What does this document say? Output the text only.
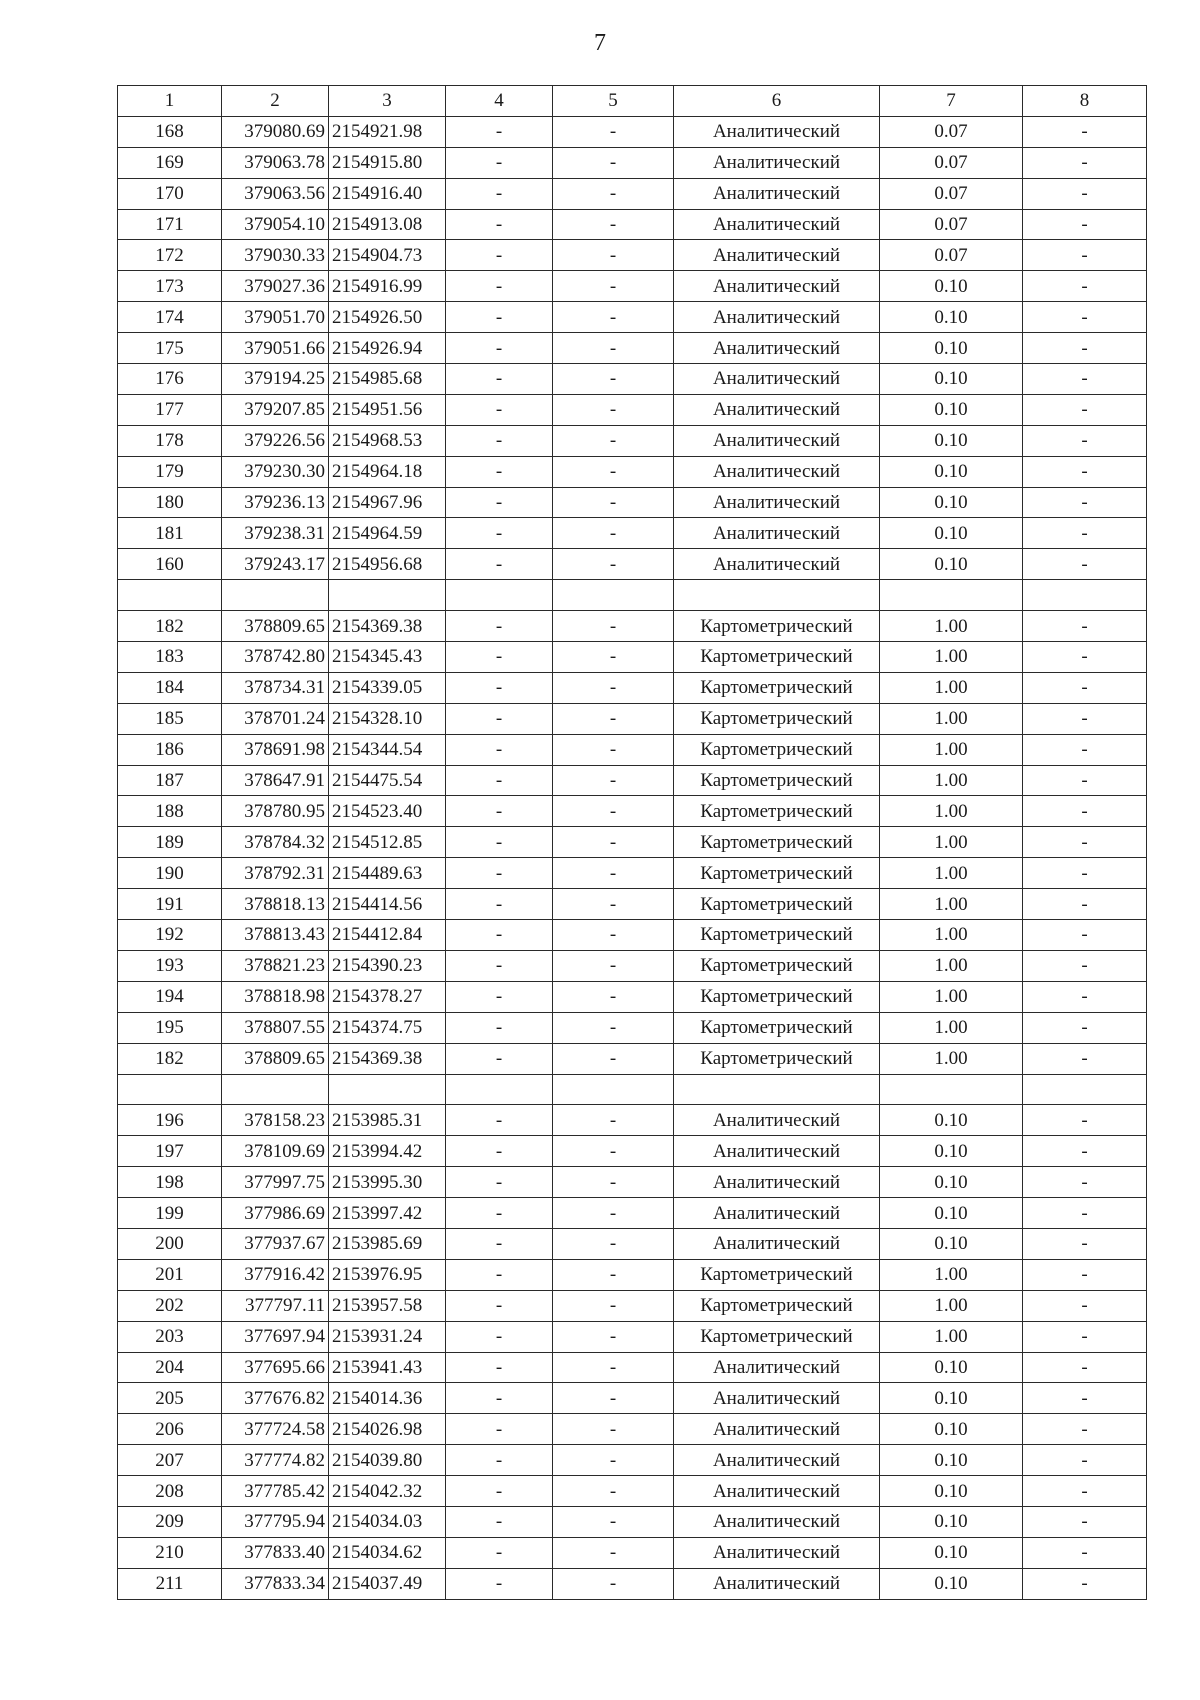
7
1	2	3	4	5	6	7	8
168	379080.69	2154921.98	-	-	Аналитический	0.07	-
169	379063.78	2154915.80	-	-	Аналитический	0.07	-
170	379063.56	2154916.40	-	-	Аналитический	0.07	-
171	379054.10	2154913.08	-	-	Аналитический	0.07	-
172	379030.33	2154904.73	-	-	Аналитический	0.07	-
173	379027.36	2154916.99	-	-	Аналитический	0.10	-
174	379051.70	2154926.50	-	-	Аналитический	0.10	-
175	379051.66	2154926.94	-	-	Аналитический	0.10	-
176	379194.25	2154985.68	-	-	Аналитический	0.10	-
177	379207.85	2154951.56	-	-	Аналитический	0.10	-
178	379226.56	2154968.53	-	-	Аналитический	0.10	-
179	379230.30	2154964.18	-	-	Аналитический	0.10	-
180	379236.13	2154967.96	-	-	Аналитический	0.10	-
181	379238.31	2154964.59	-	-	Аналитический	0.10	-
160	379243.17	2154956.68	-	-	Аналитический	0.10	-

182	378809.65	2154369.38	-	-	Картометрический	1.00	-
183	378742.80	2154345.43	-	-	Картометрический	1.00	-
184	378734.31	2154339.05	-	-	Картометрический	1.00	-
185	378701.24	2154328.10	-	-	Картометрический	1.00	-
186	378691.98	2154344.54	-	-	Картометрический	1.00	-
187	378647.91	2154475.54	-	-	Картометрический	1.00	-
188	378780.95	2154523.40	-	-	Картометрический	1.00	-
189	378784.32	2154512.85	-	-	Картометрический	1.00	-
190	378792.31	2154489.63	-	-	Картометрический	1.00	-
191	378818.13	2154414.56	-	-	Картометрический	1.00	-
192	378813.43	2154412.84	-	-	Картометрический	1.00	-
193	378821.23	2154390.23	-	-	Картометрический	1.00	-
194	378818.98	2154378.27	-	-	Картометрический	1.00	-
195	378807.55	2154374.75	-	-	Картометрический	1.00	-
182	378809.65	2154369.38	-	-	Картометрический	1.00	-

196	378158.23	2153985.31	-	-	Аналитический	0.10	-
197	378109.69	2153994.42	-	-	Аналитический	0.10	-
198	377997.75	2153995.30	-	-	Аналитический	0.10	-
199	377986.69	2153997.42	-	-	Аналитический	0.10	-
200	377937.67	2153985.69	-	-	Аналитический	0.10	-
201	377916.42	2153976.95	-	-	Картометрический	1.00	-
202	377797.11	2153957.58	-	-	Картометрический	1.00	-
203	377697.94	2153931.24	-	-	Картометрический	1.00	-
204	377695.66	2153941.43	-	-	Аналитический	0.10	-
205	377676.82	2154014.36	-	-	Аналитический	0.10	-
206	377724.58	2154026.98	-	-	Аналитический	0.10	-
207	377774.82	2154039.80	-	-	Аналитический	0.10	-
208	377785.42	2154042.32	-	-	Аналитический	0.10	-
209	377795.94	2154034.03	-	-	Аналитический	0.10	-
210	377833.40	2154034.62	-	-	Аналитический	0.10	-
211	377833.34	2154037.49	-	-	Аналитический	0.10	-
